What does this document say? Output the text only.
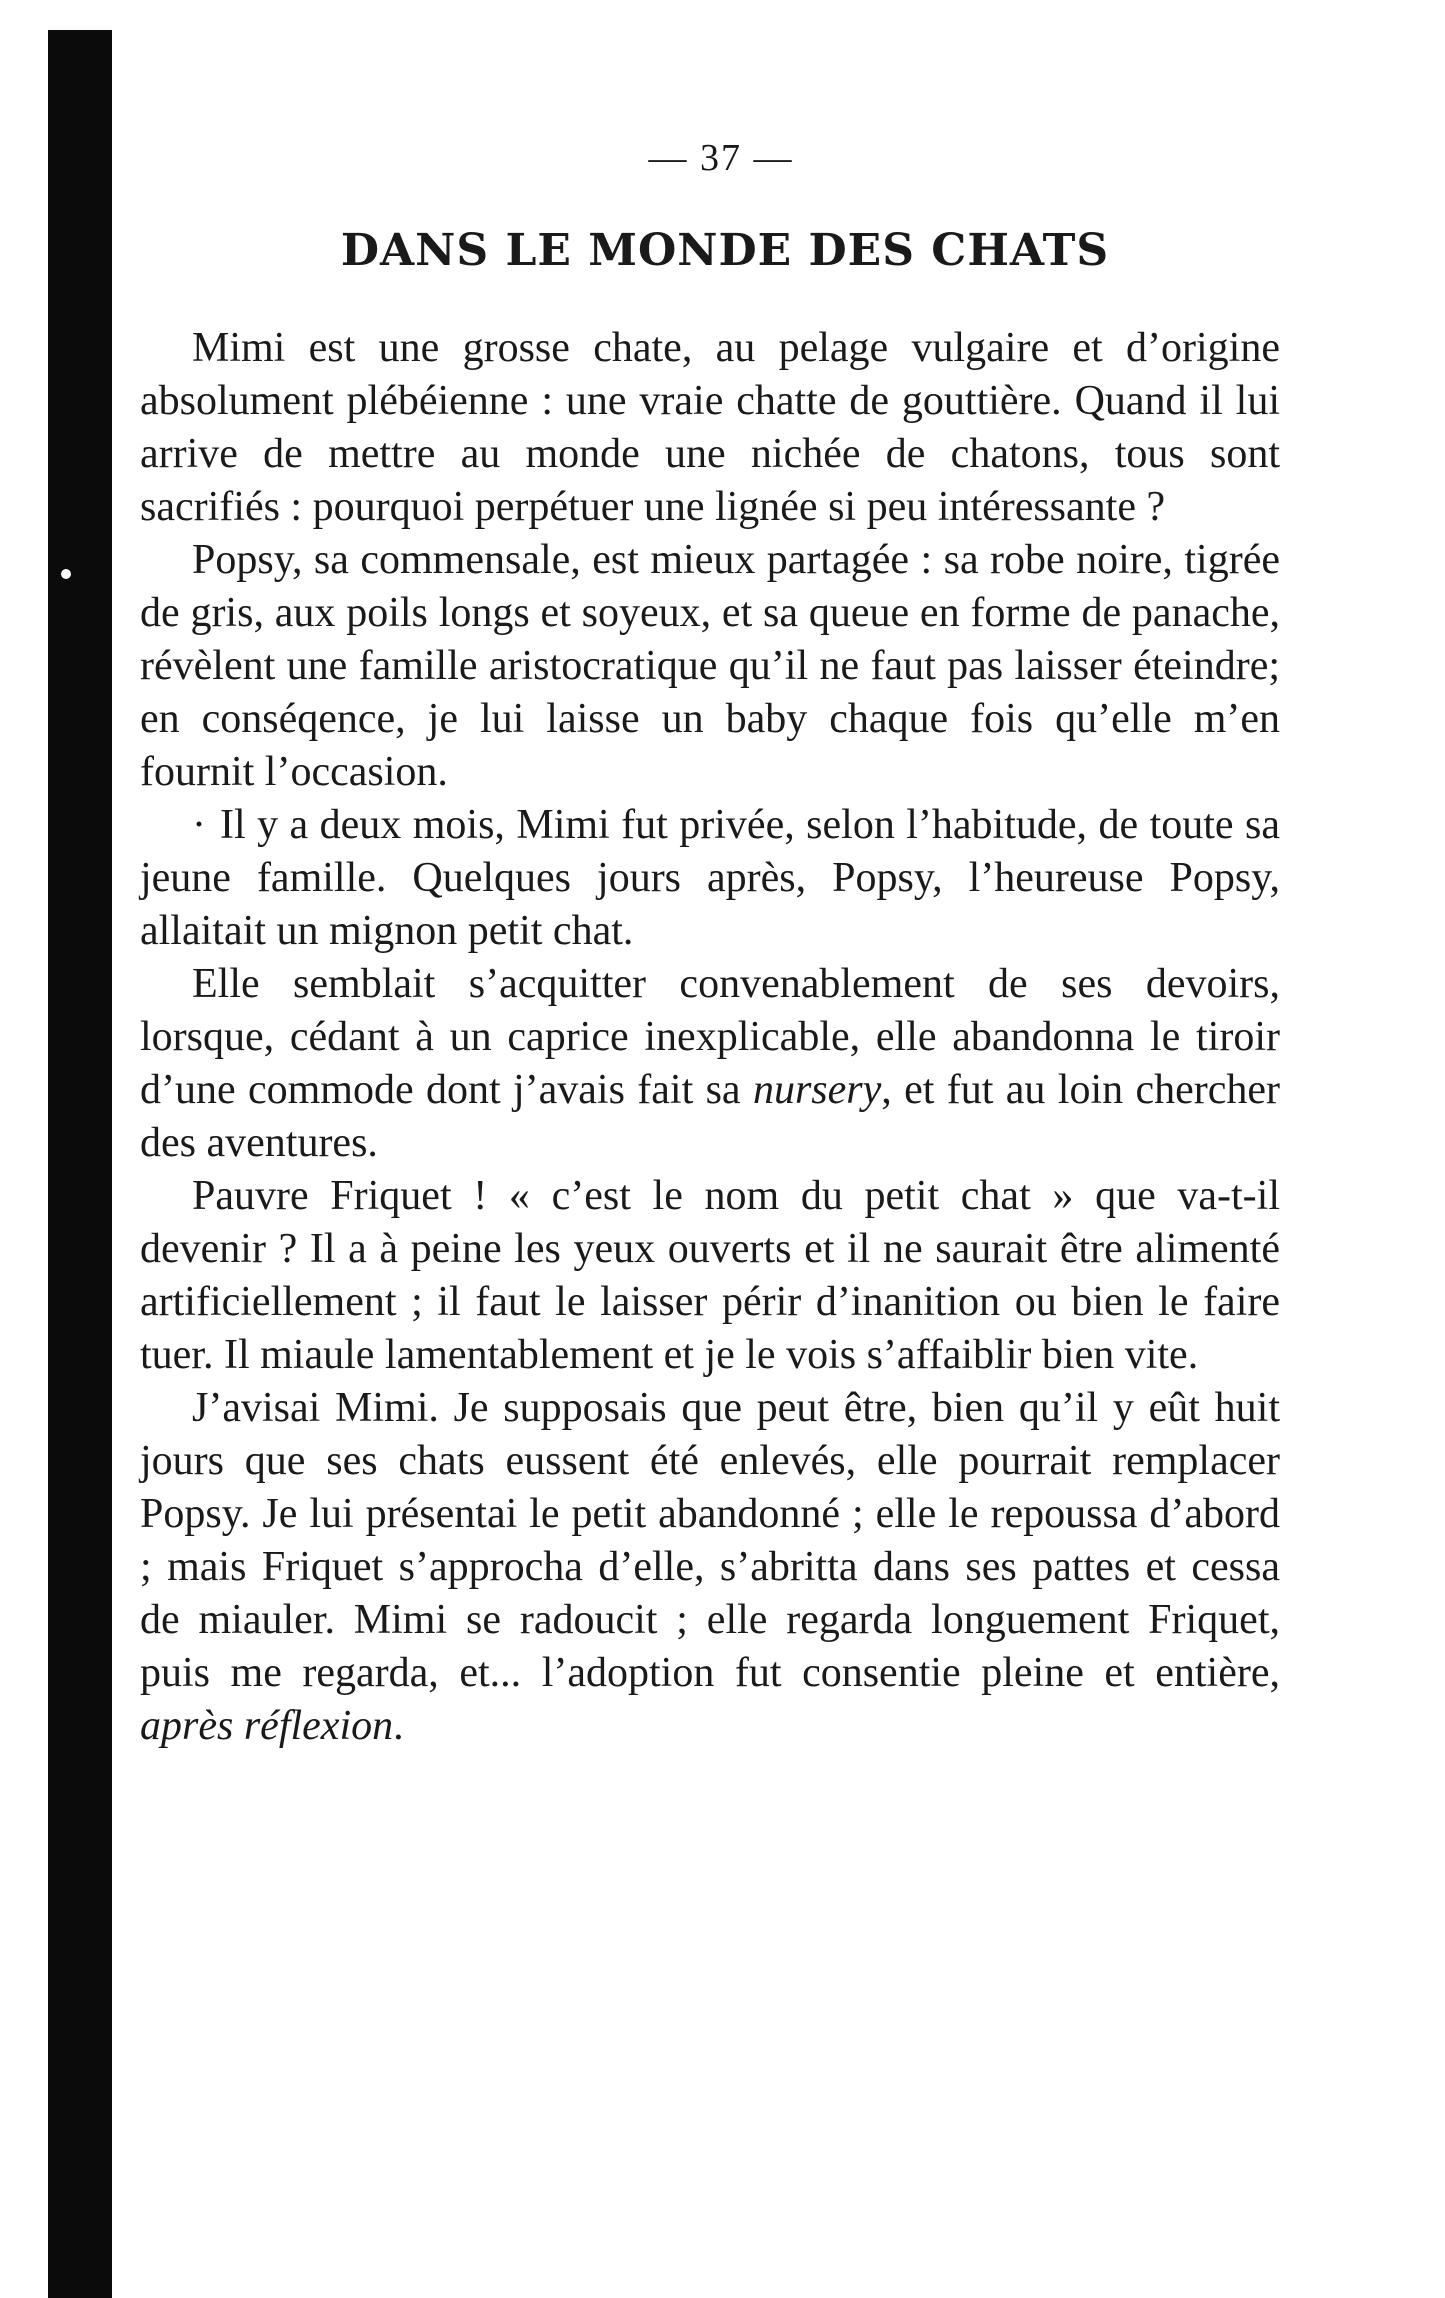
— 37 —
DANS LE MONDE DES CHATS

Mimi est une grosse chate, au pelage vulgaire et d’origine absolument plébéienne : une vraie chatte de gouttière. Quand il lui arrive de mettre au monde une nichée de chatons, tous sont sacrifiés : pourquoi perpétuer une lignée si peu intéressante ?

Popsy, sa commensale, est mieux partagée : sa robe noire, tigrée de gris, aux poils longs et soyeux, et sa queue en forme de panache, révèlent une famille aristocratique qu’il ne faut pas laisser éteindre; en conséqence, je lui laisse un baby chaque fois qu’elle m’en fournit l’occasion.

· Il y a deux mois, Mimi fut privée, selon l’habitude, de toute sa jeune famille. Quelques jours après, Popsy, l’heureuse Popsy, allaitait un mignon petit chat.

Elle semblait s’acquitter convenablement de ses devoirs, lorsque, cédant à un caprice inexplicable, elle abandonna le tiroir d’une commode dont j’avais fait sa nursery, et fut au loin chercher des aventures.

Pauvre Friquet ! « c’est le nom du petit chat » que va-t-il devenir ? Il a à peine les yeux ouverts et il ne saurait être alimenté artificiellement ; il faut le laisser périr d’inanition ou bien le faire tuer. Il miaule lamentablement et je le vois s’affaiblir bien vite.

J’avisai Mimi. Je supposais que peut être, bien qu’il y eût huit jours que ses chats eussent été enlevés, elle pourrait remplacer Popsy. Je lui présentai le petit abandonné ; elle le repoussa d’abord ; mais Friquet s’approcha d’elle, s’abritta dans ses pattes et cessa de miauler. Mimi se radoucit ; elle regarda longuement Friquet, puis me regarda, et... l’adoption fut consentie pleine et entière, après réflexion.
